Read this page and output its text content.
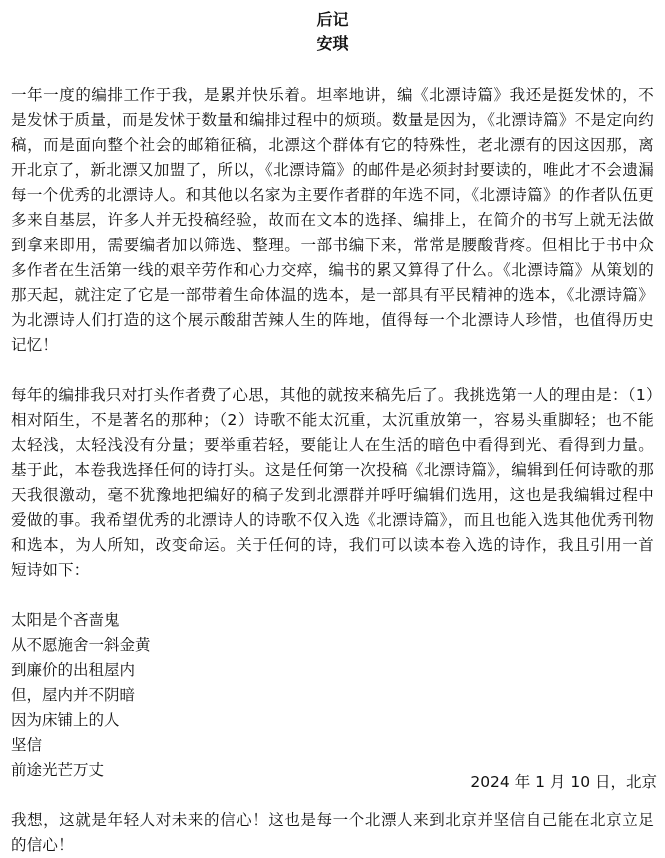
后记
安琪

一年一度的编排工作于我，是累并快乐着。坦率地讲，编《北漂诗篇》我还是挺发怵的，不是发怵于质量，而是发怵于数量和编排过程中的烦琐。数量是因为，《北漂诗篇》不是定向约稿，而是面向整个社会的邮箱征稿，北漂这个群体有它的特殊性，老北漂有的因这因那，离开北京了，新北漂又加盟了，所以，《北漂诗篇》的邮件是必须封封要读的，唯此才不会遗漏每一个优秀的北漂诗人。和其他以名家为主要作者群的年选不同，《北漂诗篇》的作者队伍更多来自基层，许多人并无投稿经验，故而在文本的选择、编排上，在简介的书写上就无法做到拿来即用，需要编者加以筛选、整理。一部书编下来，常常是腰酸背疼。但相比于书中众多作者在生活第一线的艰辛劳作和心力交瘁，编书的累又算得了什么。《北漂诗篇》从策划的那天起，就注定了它是一部带着生命体温的选本，是一部具有平民精神的选本，《北漂诗篇》为北漂诗人们打造的这个展示酸甜苦辣人生的阵地，值得每一个北漂诗人珍惜，也值得历史记忆！

每年的编排我只对打头作者费了心思，其他的就按来稿先后了。我挑选第一人的理由是：（1）相对陌生，不是著名的那种；（2）诗歌不能太沉重，太沉重放第一，容易头重脚轻；也不能太轻浅，太轻浅没有分量；要举重若轻，要能让人在生活的暗色中看得到光、看得到力量。基于此，本卷我选择任何的诗打头。这是任何第一次投稿《北漂诗篇》，编辑到任何诗歌的那天我很激动，毫不犹豫地把编好的稿子发到北漂群并呼吁编辑们选用，这也是我编辑过程中爱做的事。我希望优秀的北漂诗人的诗歌不仅入选《北漂诗篇》，而且也能入选其他优秀刊物和选本，为人所知，改变命运。关于任何的诗，我们可以读本卷入选的诗作，我且引用一首短诗如下：

太阳是个吝啬鬼
从不愿施舍一斜金黄
到廉价的出租屋内
但，屋内并不阴暗
因为床铺上的人
坚信
前途光芒万丈

我想，这就是年轻人对未来的信心！这也是每一个北漂人来到北京并坚信自己能在北京立足的信心！

2024 年 1 月 10 日，北京
